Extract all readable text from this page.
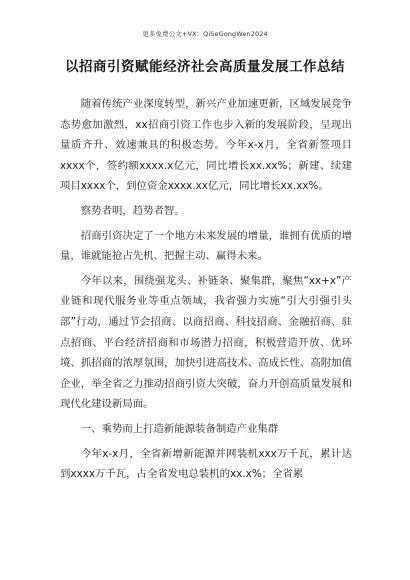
更多免费公文+VX：QiSeGongWen2024
以招商引资赋能经济社会高质量发展工作总结

随着传统产业深度转型，新兴产业加速更新，区域发展竞争态势愈加激烈，xx招商引资工作也步入新的发展阶段，呈现出量质齐升、效速兼具的积极态势。今年x-x月，全省新签项目xxxx个，签约额xxxx.x亿元，同比增长xx.xx%；新建、续建项目xxxx个，到位资金xxxx.xx亿元，同比增长xx.xx%。

察势者明，趋势者智。

招商引资决定了一个地方未来发展的增量，谁拥有优质的增量，谁就能抢占先机、把握主动、赢得未来。

今年以来，围绕强龙头、补链条、聚集群，聚焦“xx+x”产业链和现代服务业等重点领域，我省强力实施“引大引强引头部”行动，通过节会招商、以商招商、科技招商、金融招商、驻点招商、平台经济招商和市场潜力招商，积极营造开放、优环境、抓招商的浓厚氛围，加快引进高技术、高成长性、高附加值企业，举全省之力推动招商引资大突破，奋力开创高质量发展和现代化建设新局面。

一、乘势而上打造新能源装备制造产业集群

今年x-x月，全省新增新能源并网装机xxx万千瓦，累计达到xxxx万千瓦，占全省发电总装机的xx.x%；全省累
